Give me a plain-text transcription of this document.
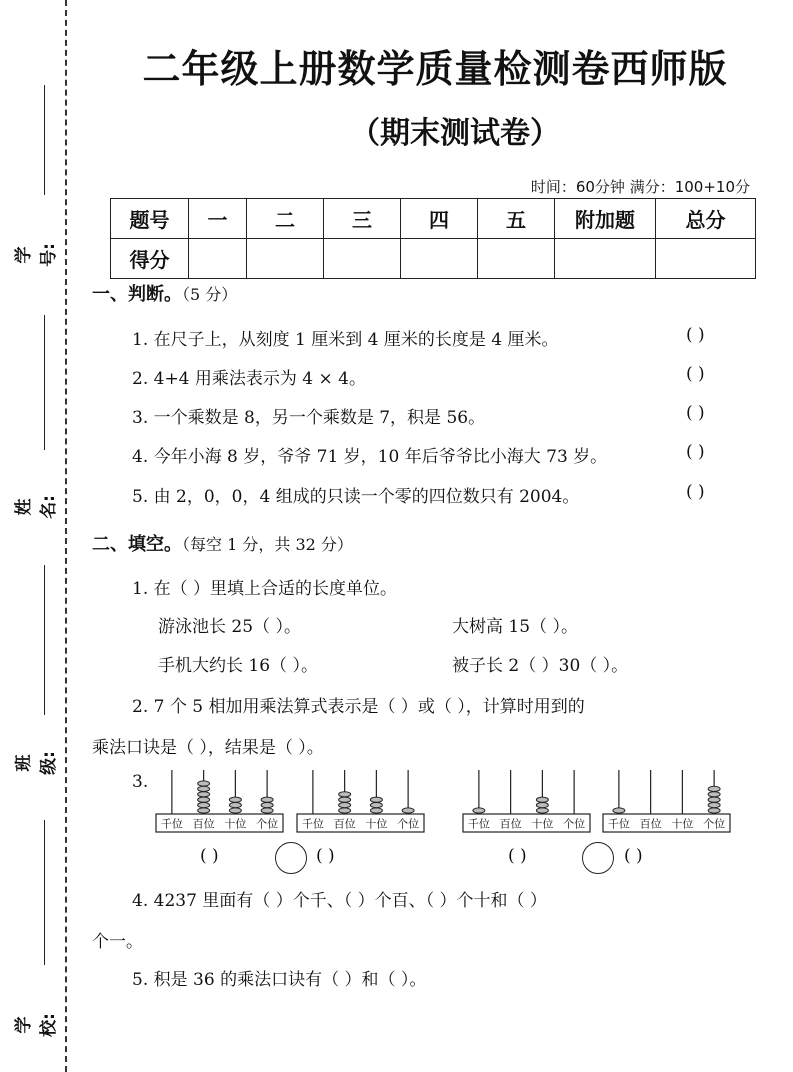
学号:
姓名:
班级:
学校:
二年级上册数学质量检测卷西师版
（期末测试卷）
时间：60分钟 满分：100+10分
题号	一	二	三	四	五	附加题	总分
得分							
一、判断。（5 分）
1. 在尺子上，从刻度 1 厘米到 4 厘米的长度是 4 厘米。	( )
2. 4+4 用乘法表示为 4 × 4。	( )
3. 一个乘数是 8，另一个乘数是 7，积是 56。	( )
4. 今年小海 8 岁，爷爷 71 岁，10 年后爷爷比小海大 73 岁。	( )
5. 由 2，0，0，4 组成的只读一个零的四位数只有 2004。	( )
二、填空。（每空 1 分，共 32 分）
1. 在（ ）里填上合适的长度单位。
游泳池长 25（ ）。	大树高 15（ ）。
手机大约长 16（ ）。	被子长 2（ ）30（ ）。
2. 7 个 5 相加用乘法算式表示是（ ）或（ ），计算时用到的
乘法口诀是（ ），结果是（ ）。
3.
千位 百位 十位 个位 千位 百位 十位 个位	千位 百位 十位 个位 千位 百位 十位 个位
( )	( )	( )	( )
4. 4237 里面有（ ）个千、（ ）个百、（ ）个十和（ ）
个一。
5. 积是 36 的乘法口诀有（ ）和（ ）。
